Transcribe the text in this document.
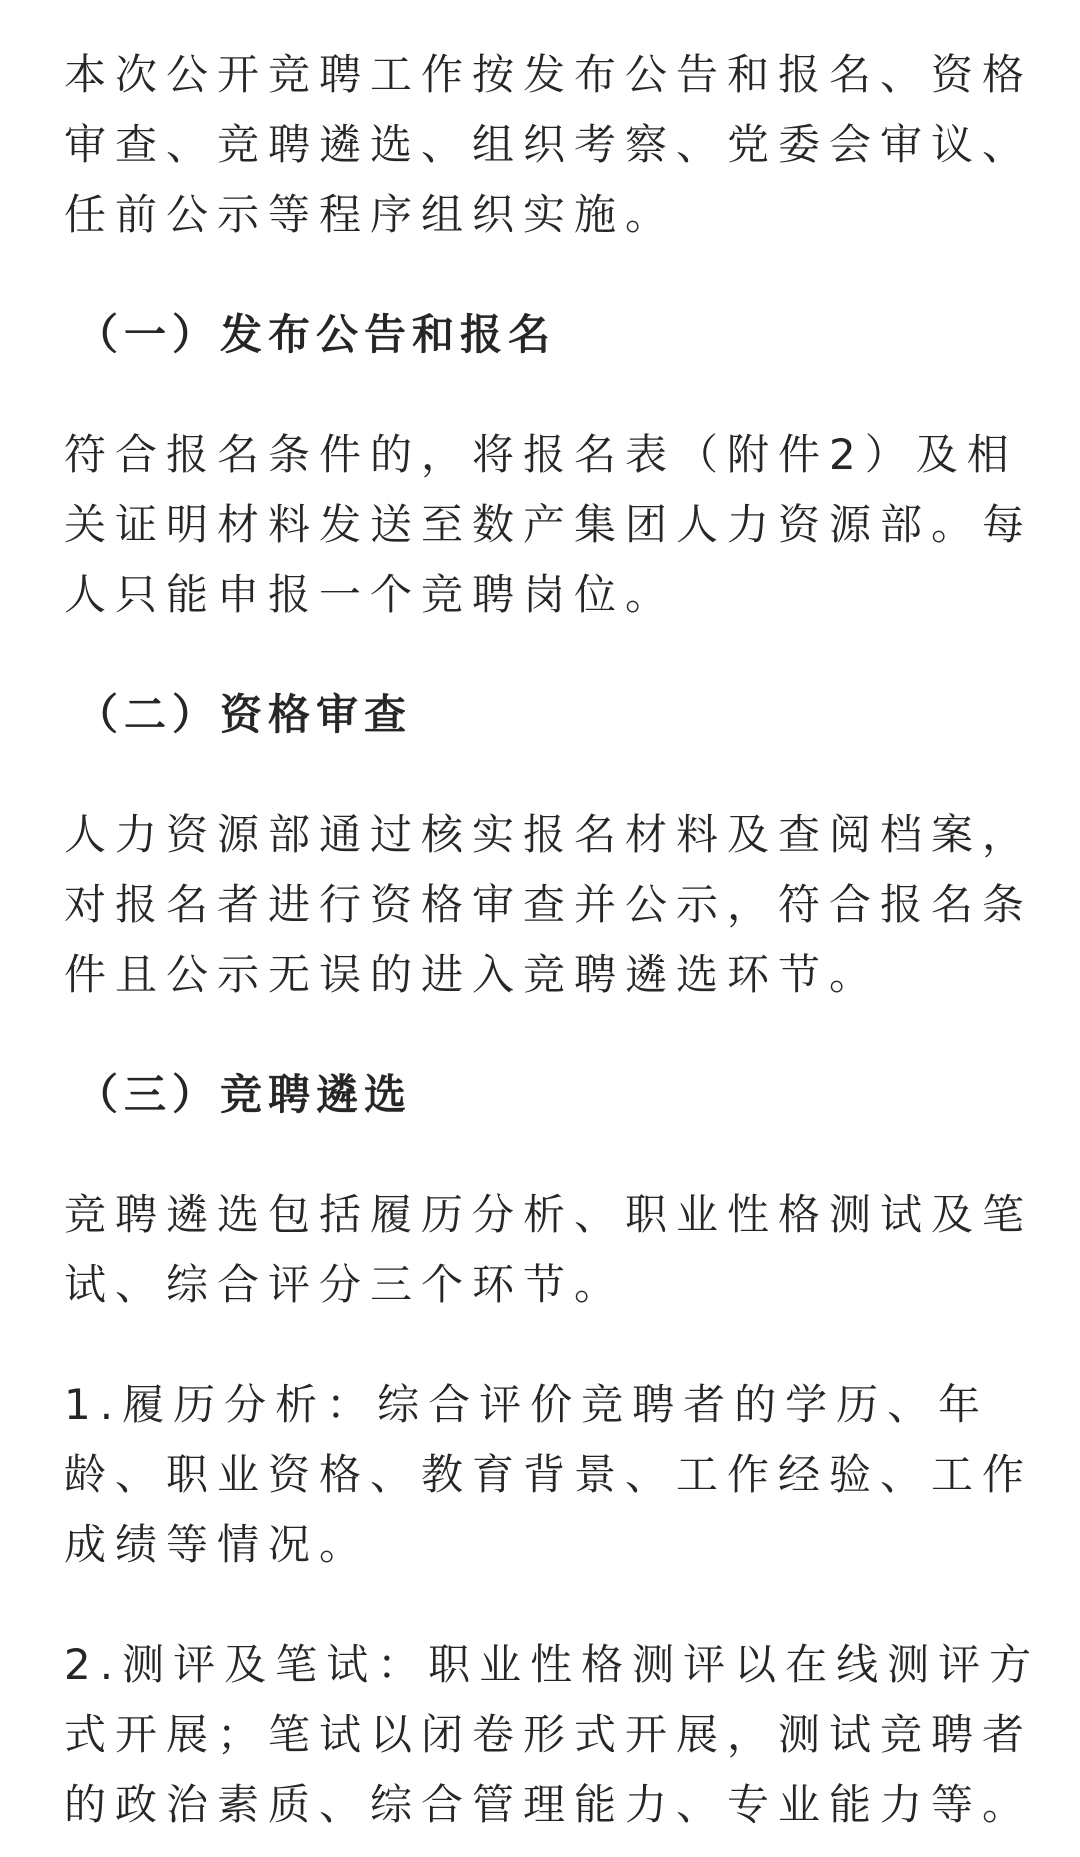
本次公开竞聘工作按发布公告和报名、资格

审查、竞聘遴选、组织考察、党委会审议、

任前公示等程序组织实施。

（一）发布公告和报名

符合报名条件的，将报名表（附件2）及相

关证明材料发送至数产集团人力资源部。每

人只能申报一个竞聘岗位。

（二）资格审查

人力资源部通过核实报名材料及查阅档案，

对报名者进行资格审查并公示，符合报名条

件且公示无误的进入竞聘遴选环节。

（三）竞聘遴选

竞聘遴选包括履历分析、职业性格测试及笔

试、综合评分三个环节。

1.履历分析：综合评价竞聘者的学历、年

龄、职业资格、教育背景、工作经验、工作

成绩等情况。

2.测评及笔试：职业性格测评以在线测评方

式开展；笔试以闭卷形式开展，测试竞聘者

的政治素质、综合管理能力、专业能力等。
